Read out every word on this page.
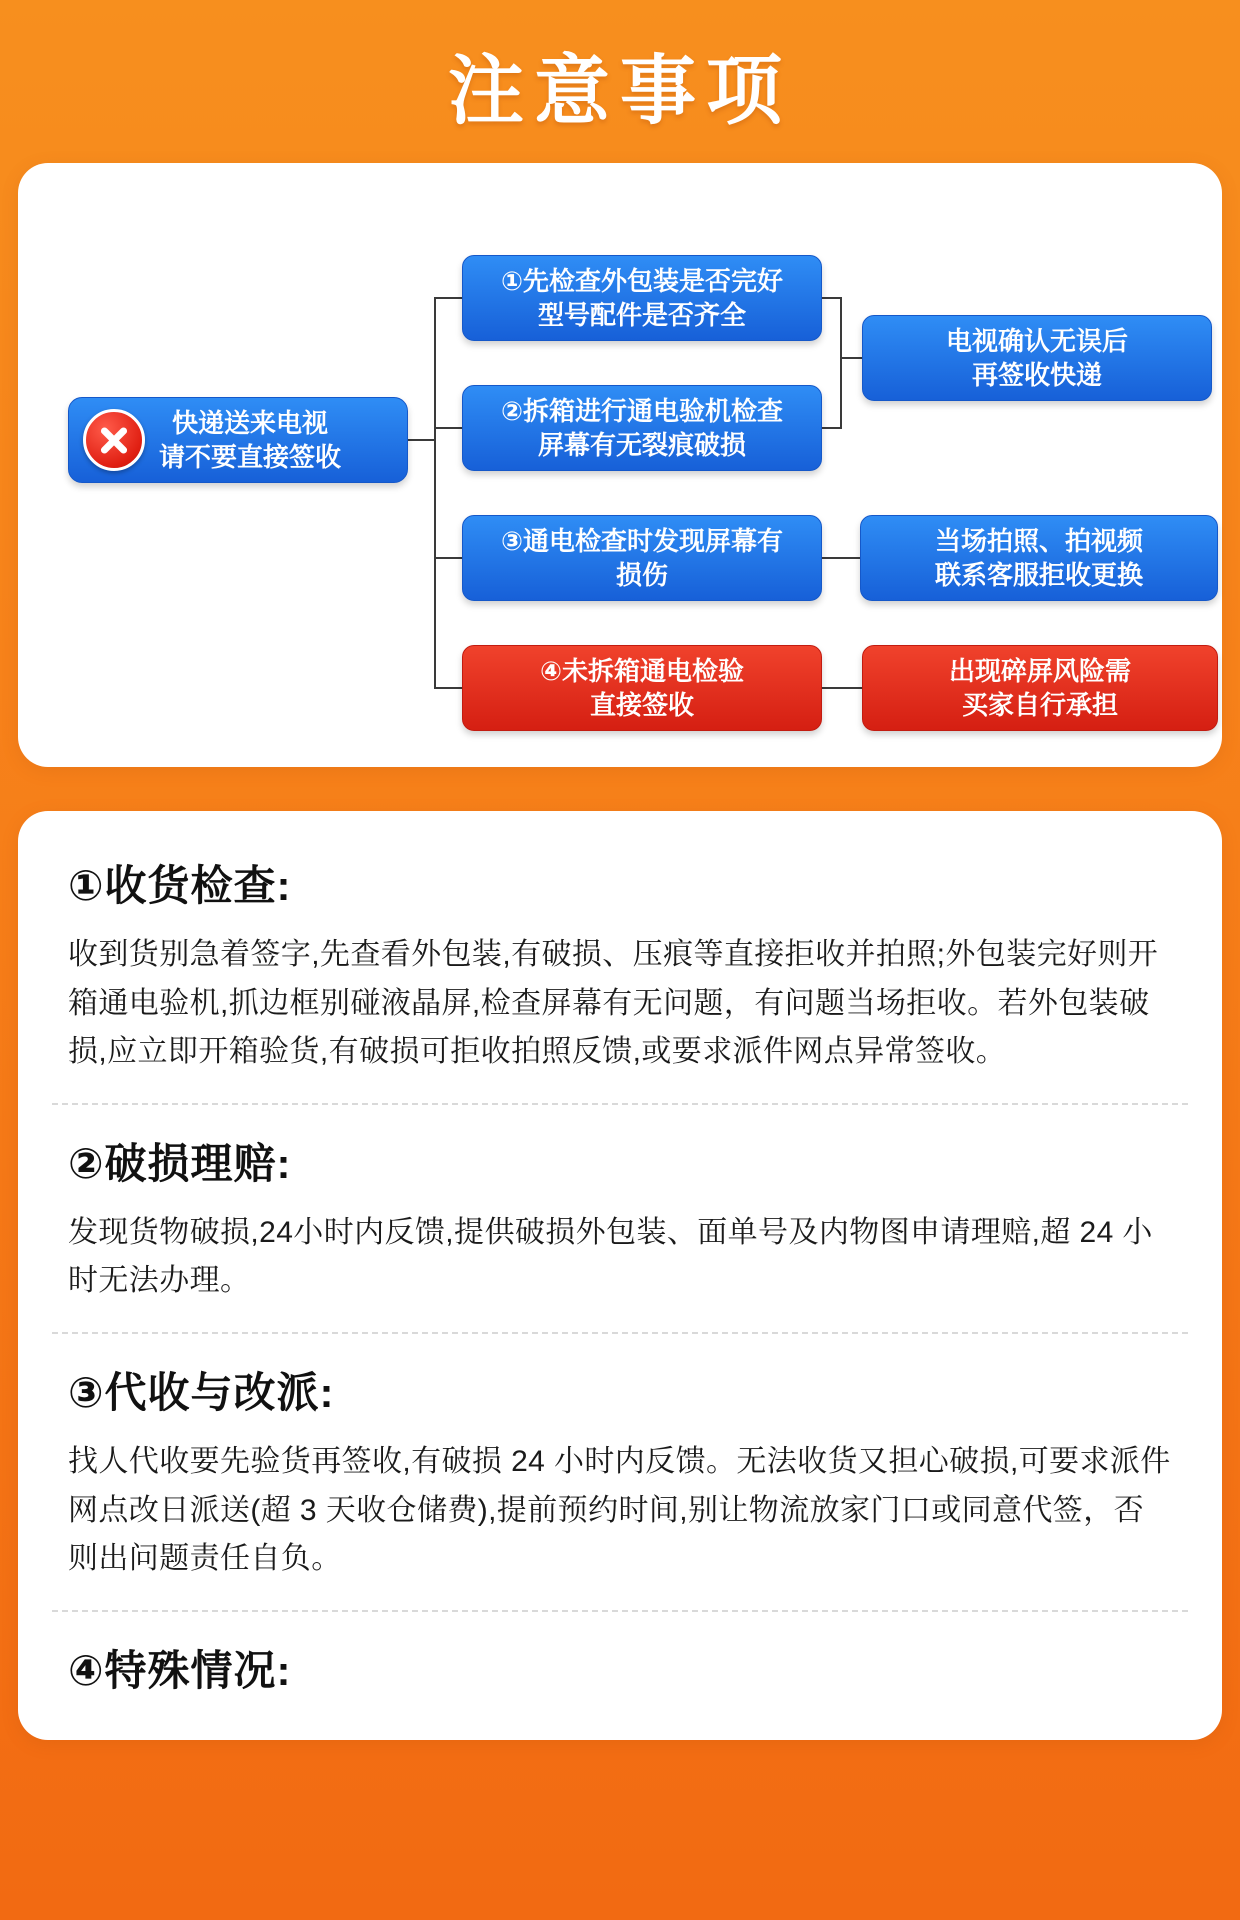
注意事项
快递送来电视
请不要直接签收
①先检查外包装是否完好
型号配件是否齐全
②拆箱进行通电验机检查
屏幕有无裂痕破损
③通电检查时发现屏幕有
损伤
④未拆箱通电检验
直接签收
电视确认无误后
再签收快递
当场拍照、拍视频
联系客服拒收更换
出现碎屏风险需
买家自行承担
①收货检查:

收到货别急着签字,先查看外包装,有破损、压痕等直接拒收并拍照;外包装完好则开箱通电验机,抓边框别碰液晶屏,检查屏幕有无问题，有问题当场拒收。若外包装破损,应立即开箱验货,有破损可拒收拍照反馈,或要求派件网点异常签收。

②破损理赔:

发现货物破损,24小时内反馈,提供破损外包装、面单号及内物图申请理赔,超 24 小时无法办理。

③代收与改派:

找人代收要先验货再签收,有破损 24 小时内反馈。无法收货又担心破损,可要求派件网点改日派送(超 3 天收仓储费),提前预约时间,别让物流放家门口或同意代签，否则出问题责任自负。

④特殊情况:
